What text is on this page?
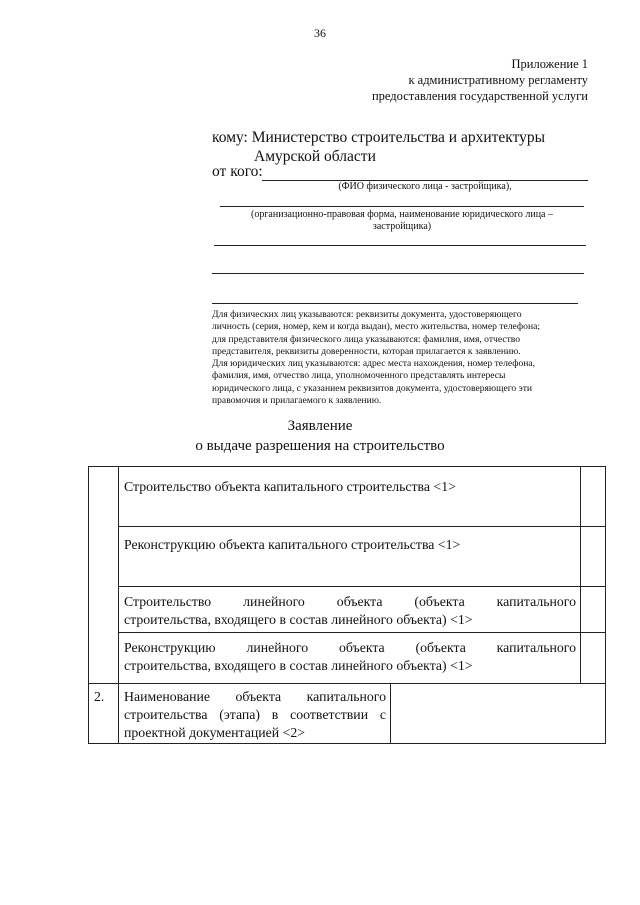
36
Приложение 1
к административному регламенту
предоставления государственной услуги
кому: Министерство строительства и архитектуры
Амурской области
от кого:
(ФИО физического лица - застройщика),
(организационно-правовая форма, наименование юридического лица –
застройщика)
Для физических лиц указываются: реквизиты документа, удостоверяющего
личность (серия, номер, кем и когда выдан), место жительства, номер телефона;
для представителя физического лица указываются: фамилия, имя, отчество
представителя, реквизиты доверенности, которая прилагается к заявлению.
Для юридических лиц указываются: адрес места нахождения, номер телефона,
фамилия, имя, отчество лица, уполномоченного представлять интересы
юридического лица, с указанием реквизитов документа, удостоверяющего эти
правомочия и прилагаемого к заявлению.
Заявление
о выдаче разрешения на строительство
Строительство объекта капитального строительства <1>
Реконструкцию объекта капитального строительства <1>
Строительство линейного объекта (объекта капитального
строительства, входящего в состав линейного объекта) <1>
Реконструкцию линейного объекта (объекта капитального
строительства, входящего в состав линейного объекта) <1>
2.	Наименование объекта капитального
строительства (этапа) в соответствии с
проектной документацией <2>
